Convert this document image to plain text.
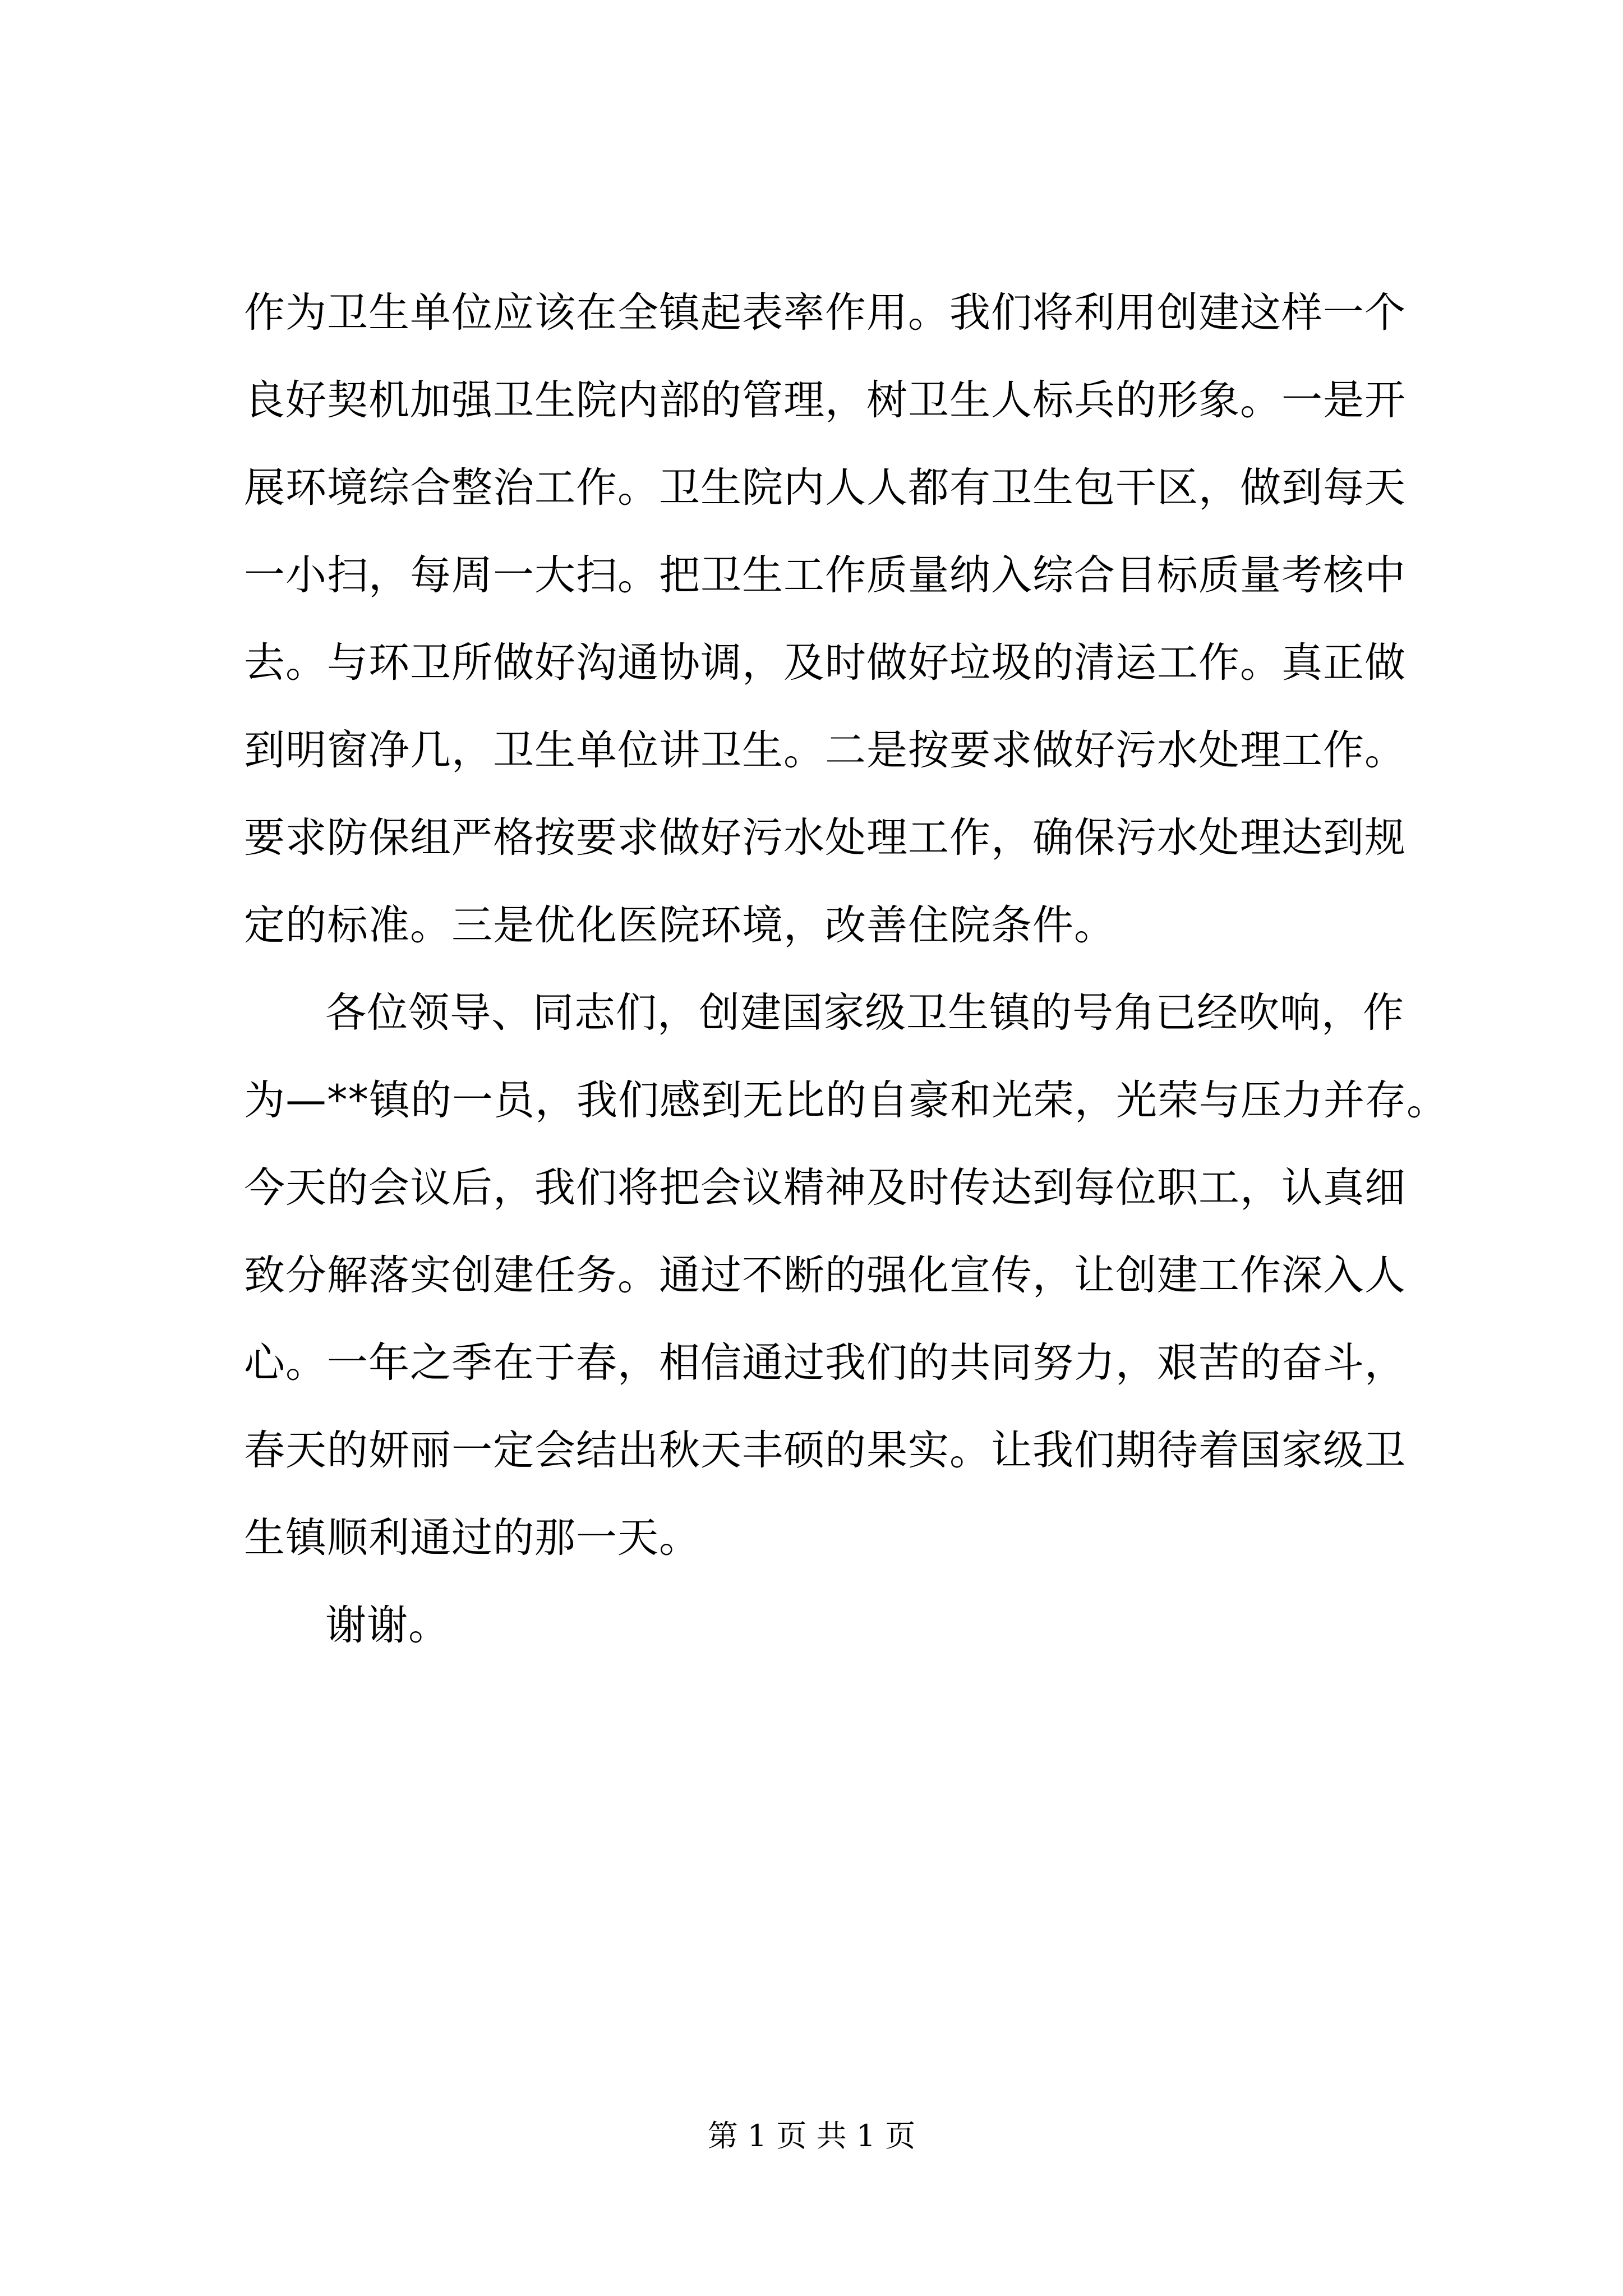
作为卫生单位应该在全镇起表率作用。我们将利用创建这样一个
良好契机加强卫生院内部的管理，树卫生人标兵的形象。一是开
展环境综合整治工作。卫生院内人人都有卫生包干区，做到每天
一小扫，每周一大扫。把卫生工作质量纳入综合目标质量考核中
去。与环卫所做好沟通协调，及时做好垃圾的清运工作。真正做
到明窗净几，卫生单位讲卫生。二是按要求做好污水处理工作。
要求防保组严格按要求做好污水处理工作，确保污水处理达到规
定的标准。三是优化医院环境，改善住院条件。
各位领导、同志们，创建国家级卫生镇的号角已经吹响，作
为—**镇的一员，我们感到无比的自豪和光荣，光荣与压力并存。
今天的会议后，我们将把会议精神及时传达到每位职工，认真细
致分解落实创建任务。通过不断的强化宣传，让创建工作深入人
心。一年之季在于春，相信通过我们的共同努力，艰苦的奋斗，
春天的妍丽一定会结出秋天丰硕的果实。让我们期待着国家级卫
生镇顺利通过的那一天。
谢谢。
第 1 页 共 1 页
